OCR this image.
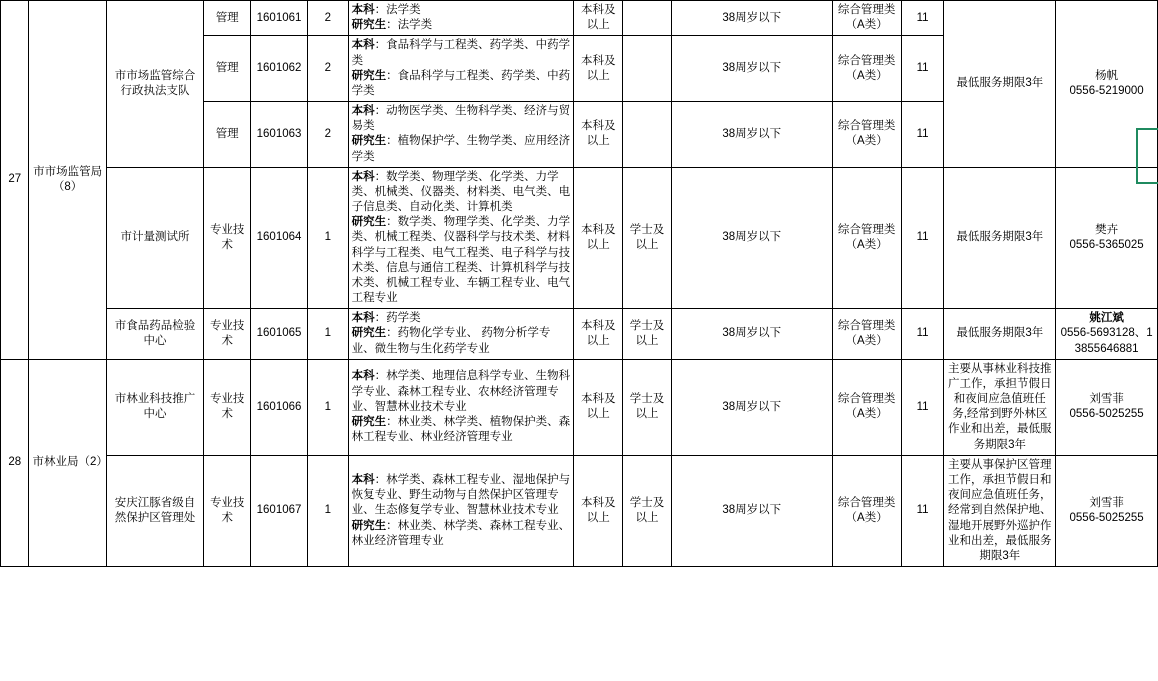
27	市市场监管局（8）	市市场监管综合行政执法支队	管理	1601061	2	本科：法学类
研究生：法学类	本科及以上		38周岁以下	综合管理类（A类）	11	最低服务期限3年	杨帆
0556-5219000

			管理	1601062	2	本科：食品科学与工程类、药学类、中药学类
研究生：食品科学与工程类、药学类、中药学类	本科及以上		38周岁以下	综合管理类（A类）	11		
			管理	1601063	2	本科：动物医学类、生物科学类、经济与贸易类
研究生：植物保护学、生物学类、应用经济学类	本科及以上		38周岁以下	综合管理类（A类）	11		
		市计量测试所	专业技术	1601064	1	本科：数学类、物理学类、化学类、力学类、机械类、仪器类、材料类、电气类、电子信息类、自动化类、计算机类
研究生：数学类、物理学类、化学类、力学类、机械工程类、仪器科学与技术类、材料科学与工程类、电气工程类、电子科学与技术类、信息与通信工程类、计算机科学与技术类、机械工程专业、车辆工程专业、电气工程专业	本科及以上	学士及以上	38周岁以下	综合管理类（A类）	11	最低服务期限3年	樊卉
0556-5365025

		市食品药品检验中心	专业技术	1601065	1	本科：药学类
研究生：药物化学专业、 药物分析学专业、微生物与生化药学专业	本科及以上	学士及以上	38周岁以下	综合管理类（A类）	11	最低服务期限3年	姚江斌
0556-5693128、13855646881

28	市林业局（2）	市林业科技推广中心	专业技术	1601066	1	本科：林学类、地理信息科学专业、生物科学专业、森林工程专业、农林经济管理专业、智慧林业技术专业
研究生：林业类、林学类、植物保护类、森林工程专业、林业经济管理专业	本科及以上	学士及以上	38周岁以下	综合管理类（A类）	11	主要从事林业科技推广工作，承担节假日和夜间应急值班任务,经常到野外林区作业和出差，最低服务期限3年	刘雪菲
0556-5025255

		安庆江豚省级自然保护区管理处	专业技术	1601067	1	本科：林学类、森林工程专业、湿地保护与恢复专业、野生动物与自然保护区管理专业、生态修复学专业、智慧林业技术专业
研究生：林业类、林学类、森林工程专业、林业经济管理专业	本科及以上	学士及以上	38周岁以下	综合管理类（A类）	11	主要从事保护区管理工作，承担节假日和夜间应急值班任务，经常到自然保护地、湿地开展野外巡护作业和出差，最低服务期限3年	刘雪菲
0556-5025255
